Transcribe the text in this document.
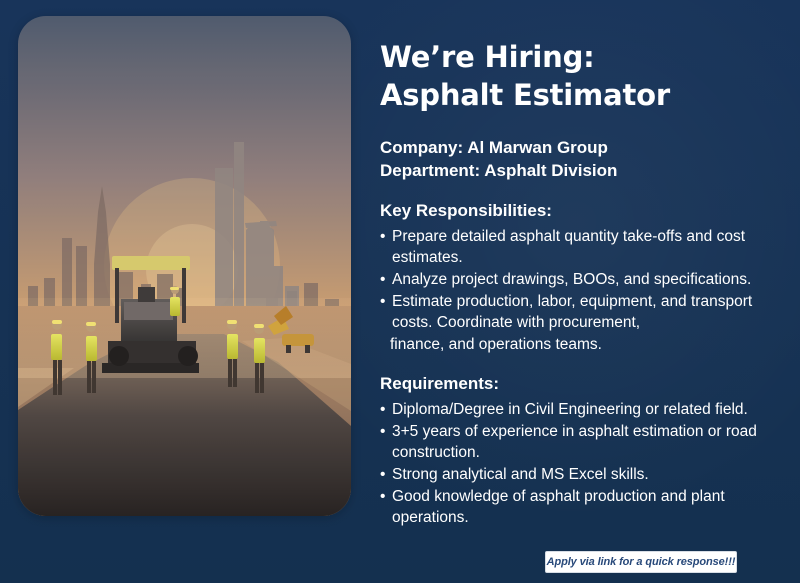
We’re Hiring:
Asphalt Estimator
Company: Al Marwan Group
Department: Asphalt Division
Key Responsibilities:
• Prepare detailed asphalt quantity take-offs and cost estimates.
• Analyze project drawings, BOOs, and specifications.
• Estimate production, labor, equipment, and transport costs. Coordinate with procurement,
finance, and operations teams.
Requirements:
• Diploma/Degree in Civil Engineering or related field.
• 3+5 years of experience in asphalt estimation or road construction.
• Strong analytical and MS Excel skills.
• Good knowledge of asphalt production and plant operations.
Apply via link for a quick response!!!
